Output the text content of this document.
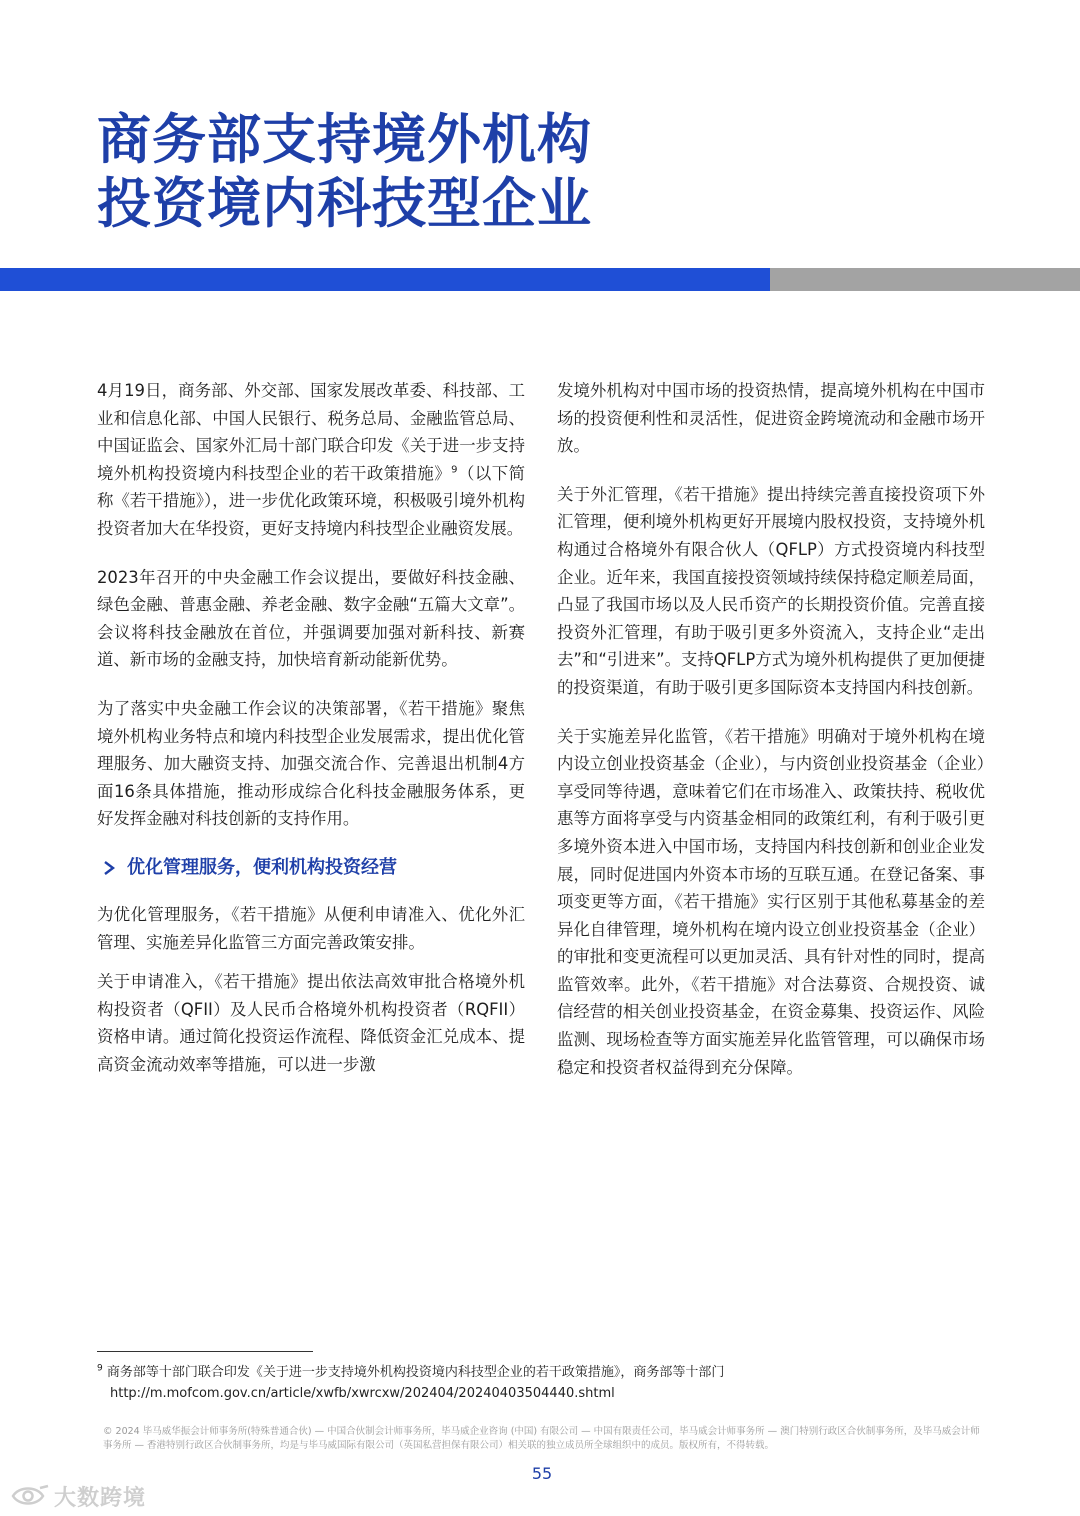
商务部支持境外机构
投资境内科技型企业

4月19日，商务部、外交部、国家发展改革委、科技部、工业和信息化部、中国人民银行、税务总局、金融监管总局、中国证监会、国家外汇局十部门联合印发《关于进一步支持境外机构投资境内科技型企业的若干政策措施》$^9$（以下简称《若干措施》），进一步优化政策环境，积极吸引境外机构投资者加大在华投资，更好支持境内科技型企业融资发展。

2023年召开的中央金融工作会议提出，要做好科技金融、绿色金融、普惠金融、养老金融、数字金融“五篇大文章”。会议将科技金融放在首位，并强调要加强对新科技、新赛道、新市场的金融支持，加快培育新动能新优势。

为了落实中央金融工作会议的决策部署，《若干措施》聚焦境外机构业务特点和境内科技型企业发展需求，提出优化管理服务、加大融资支持、加强交流合作、完善退出机制4方面16条具体措施，推动形成综合化科技金融服务体系，更好发挥金融对科技创新的支持作用。

优化管理服务，便利机构投资经营

为优化管理服务，《若干措施》从便利申请准入、优化外汇管理、实施差异化监管三方面完善政策安排。

关于申请准入，《若干措施》提出依法高效审批合格境外机构投资者（QFII）及人民币合格境外机构投资者（RQFII）资格申请。通过简化投资运作流程、降低资金汇兑成本、提高资金流动效率等措施，可以进一步激

发境外机构对中国市场的投资热情，提高境外机构在中国市场的投资便利性和灵活性，促进资金跨境流动和金融市场开放。

关于外汇管理，《若干措施》提出持续完善直接投资项下外汇管理，便利境外机构更好开展境内股权投资，支持境外机构通过合格境外有限合伙人（QFLP）方式投资境内科技型企业。近年来，我国直接投资领域持续保持稳定顺差局面，凸显了我国市场以及人民币资产的长期投资价值。完善直接投资外汇管理，有助于吸引更多外资流入，支持企业“走出去”和“引进来”。支持QFLP方式为境外机构提供了更加便捷的投资渠道，有助于吸引更多国际资本支持国内科技创新。

关于实施差异化监管，《若干措施》明确对于境外机构在境内设立创业投资基金（企业），与内资创业投资基金（企业）享受同等待遇，意味着它们在市场准入、政策扶持、税收优惠等方面将享受与内资基金相同的政策红利，有利于吸引更多境外资本进入中国市场，支持国内科技创新和创业企业发展，同时促进国内外资本市场的互联互通。在登记备案、事项变更等方面，《若干措施》实行区别于其他私募基金的差异化自律管理，境外机构在境内设立创业投资基金（企业）的审批和变更流程可以更加灵活、具有针对性的同时，提高监管效率。此外，《若干措施》对合法募资、合规投资、诚信经营的相关创业投资基金，在资金募集、投资运作、风险监测、现场检查等方面实施差异化监管管理，可以确保市场稳定和投资者权益得到充分保障。

$^9$ 商务部等十部门联合印发《关于进一步支持境外机构投资境内科技型企业的若干政策措施》，商务部等十部门
http://m.mofcom.gov.cn/article/xwfb/xwrcxw/202404/20240403504440.shtml
© 2024 毕马威华振会计师事务所(特殊普通合伙) — 中国合伙制会计师事务所，毕马威企业咨询 (中国) 有限公司 — 中国有限责任公司，毕马威会计师事务所 — 澳门特别行政区合伙制事务所，及毕马威会计师事务所 — 香港特别行政区合伙制事务所，均是与毕马威国际有限公司（英国私营担保有限公司）相关联的独立成员所全球组织中的成员。版权所有，不得转载。
55
大数跨境
